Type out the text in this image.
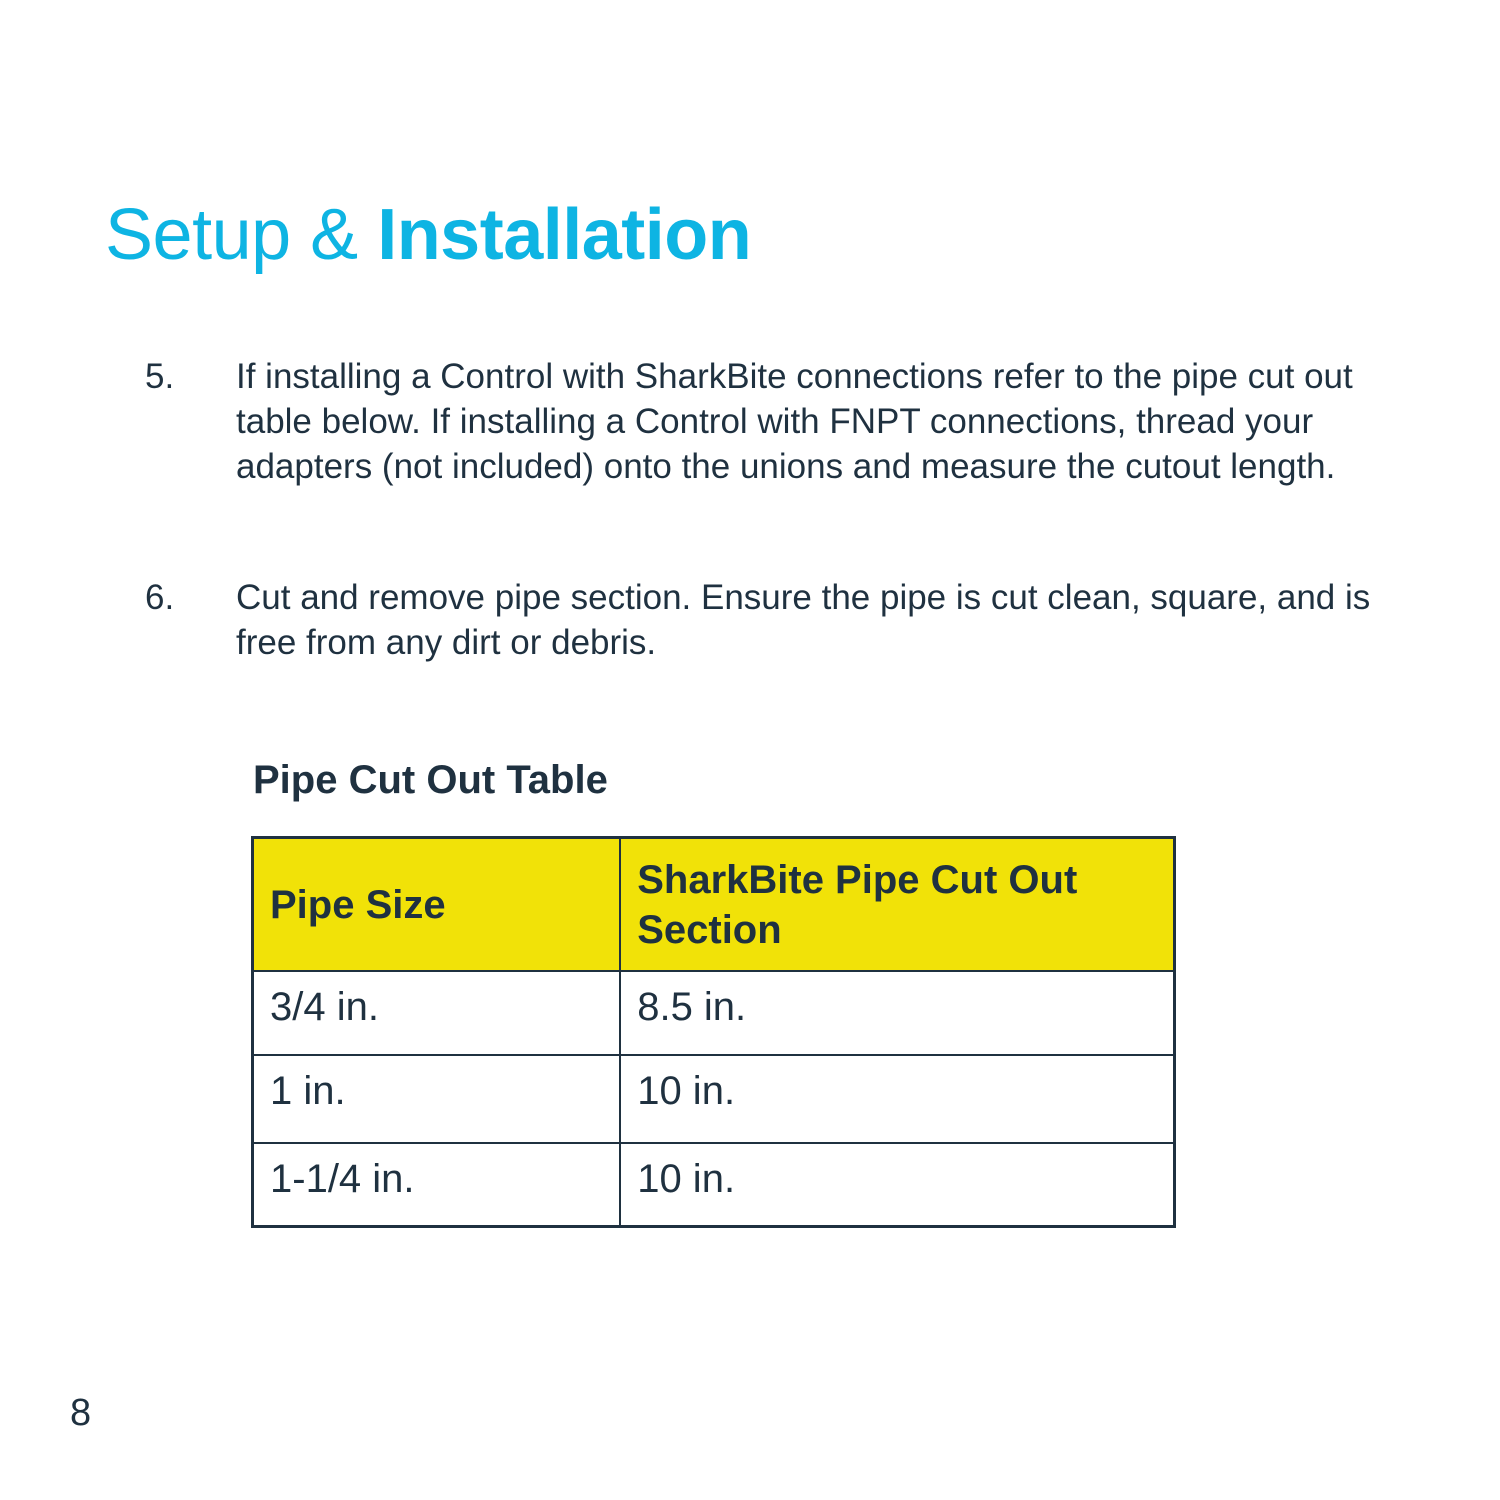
Setup & Installation
5. If installing a Control with SharkBite connections refer to the pipe cut out table below. If installing a Control with FNPT connections, thread your adapters (not included) onto the unions and measure the cutout length.
6. Cut and remove pipe section. Ensure the pipe is cut clean, square, and is free from any dirt or debris.
Pipe Cut Out Table
Pipe Size	SharkBite Pipe Cut Out Section
3/4 in.	8.5 in.
1 in.	10 in.
1-1/4 in.	10 in.
8
